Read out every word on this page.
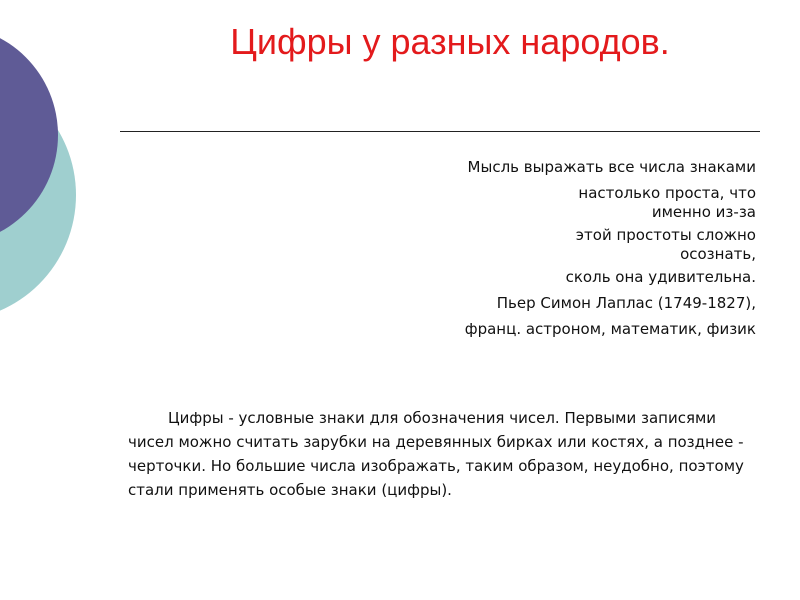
Цифры у разных народов.
Мысль выражать все числа знаками
настолько проста, что
именно из-за
этой простоты сложно
осознать,
сколь она удивительна.
Пьер Симон Лаплас (1749-1827),
франц. астроном, математик, физик

Цифры - условные знаки для обозначения чисел. Первыми записями чисел можно считать зарубки на деревянных бирках или костях, а позднее - черточки. Но большие числа изображать, таким образом, неудобно, поэтому стали применять особые знаки (цифры).
